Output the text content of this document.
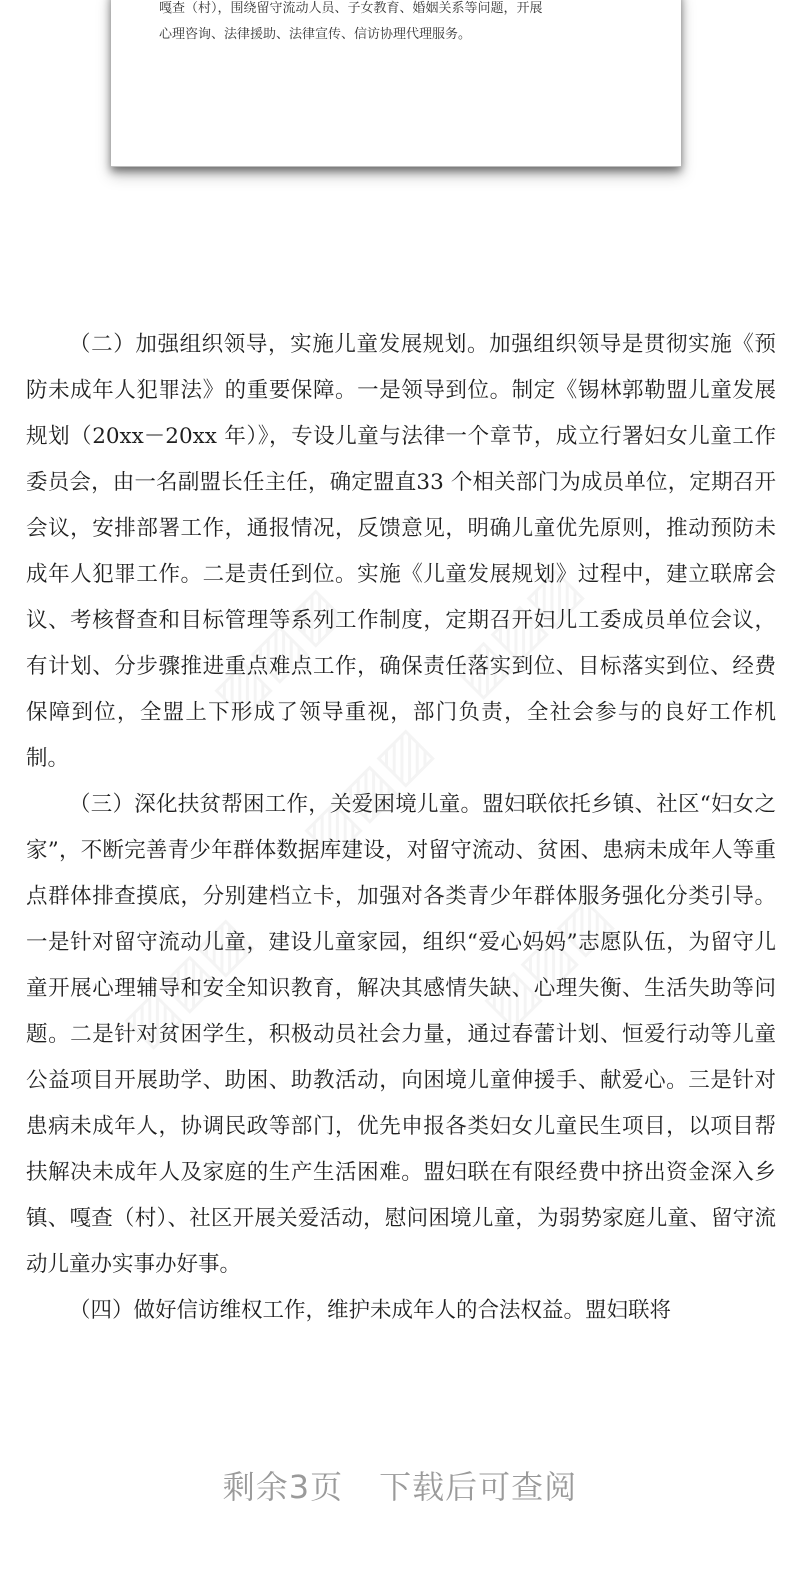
嘎查（村），围绕留守流动人员、子女教育、婚姻关系等问题，开展
心理咨询、法律援助、法律宣传、信访协理代理服务。

（二）加强组织领导，实施儿童发展规划。加强组织领导是贯彻实施《预防未成年人犯罪法》的重要保障。一是领导到位。制定《锡林郭勒盟儿童发展规划（20xx－20xx 年）》，专设儿童与法律一个章节，成立行署妇女儿童工作委员会，由一名副盟长任主任，确定盟直33 个相关部门为成员单位，定期召开会议，安排部署工作，通报情况，反馈意见，明确儿童优先原则，推动预防未成年人犯罪工作。二是责任到位。实施《儿童发展规划》过程中，建立联席会议、考核督查和目标管理等系列工作制度，定期召开妇儿工委成员单位会议，有计划、分步骤推进重点难点工作，确保责任落实到位、目标落实到位、经费保障到位，全盟上下形成了领导重视，部门负责，全社会参与的良好工作机制。

（三）深化扶贫帮困工作，关爱困境儿童。盟妇联依托乡镇、社区“妇女之家”，不断完善青少年群体数据库建设，对留守流动、贫困、患病未成年人等重点群体排查摸底，分别建档立卡，加强对各类青少年群体服务强化分类引导。一是针对留守流动儿童，建设儿童家园，组织“爱心妈妈”志愿队伍，为留守儿童开展心理辅导和安全知识教育，解决其感情失缺、心理失衡、生活失助等问题。二是针对贫困学生，积极动员社会力量，通过春蕾计划、恒爱行动等儿童公益项目开展助学、助困、助教活动，向困境儿童伸援手、献爱心。三是针对患病未成年人，协调民政等部门，优先申报各类妇女儿童民生项目，以项目帮扶解决未成年人及家庭的生产生活困难。盟妇联在有限经费中挤出资金深入乡镇、嘎查（村）、社区开展关爱活动，慰问困境儿童，为弱势家庭儿童、留守流动儿童办实事办好事。

（四）做好信访维权工作，维护未成年人的合法权益。盟妇联将

剩余3页 下载后可查阅
